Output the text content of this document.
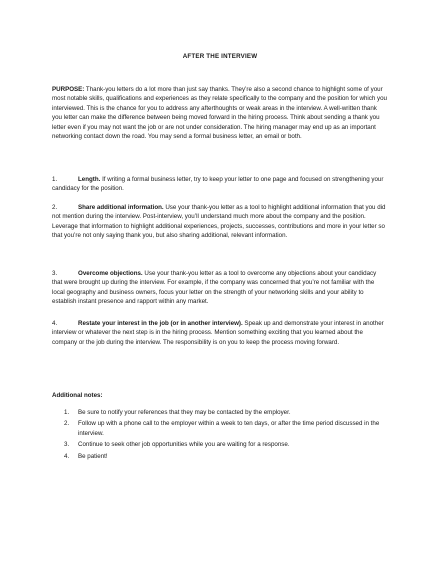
AFTER THE INTERVIEW
PURPOSE: Thank-you letters do a lot more than just say thanks. They’re also a second chance to highlight some of your most notable skills, qualifications and experiences as they relate specifically to the company and the position for which you interviewed. This is the chance for you to address any afterthoughts or weak areas in the interview. A well-written thank you letter can make the difference between being moved forward in the hiring process. Think about sending a thank you letter even if you may not want the job or are not under consideration. The hiring manager may end up as an important networking contact down the road. You may send a formal business letter, an email or both.
1.	Length. If writing a formal business letter, try to keep your letter to one page and focused on strengthening your candidacy for the position.
2.	Share additional information. Use your thank-you letter as a tool to highlight additional information that you did not mention during the interview. Post-interview, you’ll understand much more about the company and the position. Leverage that information to highlight additional experiences, projects, successes, contributions and more in your letter so that you’re not only saying thank you, but also sharing additional, relevant information.
3.	Overcome objections. Use your thank-you letter as a tool to overcome any objections about your candidacy that were brought up during the interview. For example, if the company was concerned that you’re not familiar with the local geography and business owners, focus your letter on the strength of your networking skills and your ability to establish instant presence and rapport within any market.
4.	Restate your interest in the job (or in another interview). Speak up and demonstrate your interest in another interview or whatever the next step is in the hiring process. Mention something exciting that you learned about the company or the job during the interview. The responsibility is on you to keep the process moving forward.
Additional notes:
1.	Be sure to notify your references that they may be contacted by the employer.
2.	Follow up with a phone call to the employer within a week to ten days, or after the time period discussed in the interview.
3.	Continue to seek other job opportunities while you are waiting for a response.
4.	Be patient!
